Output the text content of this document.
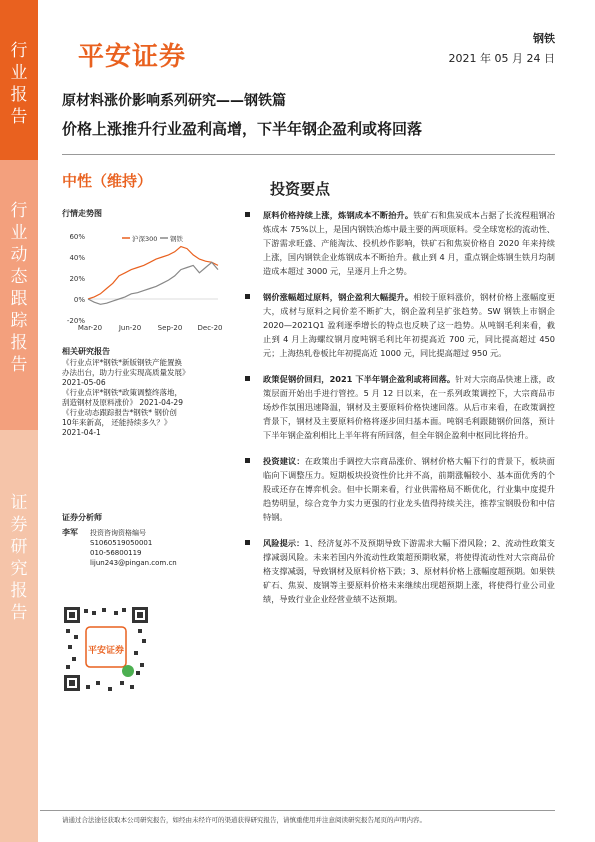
行
业
报
告
行
业
动
态
跟
踪
报
告
证
券
研
究
报
告
平安证券
钢铁
2021 年 05 月 24 日
原材料涨价影响系列研究——钢铁篇
价格上涨推升行业盈利高增，下半年钢企盈利或将回落
中性（维持）	投资要点
行情走势图
60%
40%
20%
0%
-20%
Mar-20 Jun-20 Sep-20 Dec-20
沪深300 钢铁
相关研究报告
《行业点评*钢铁*新版钢铁产能置换
办法出台，助力行业实现高质量发展》
2021-05-06
《行业点评*钢铁*政策调整终落地，
刮造钢材及原料涨价》 2021-04-29
《行业动态跟踪报告*钢铁* 钢价创
10年来新高， 还能持续多久？》
2021-04-1
证券分析师
李军 投资咨询资格编号
S1060519050001
010-56800119
lijun243@pingan.com.cn
平安证券
原料价格持续上涨，炼钢成本不断抬升。铁矿石和焦炭成本占据了长流程粗钢冶炼成本 75%以上，是国内钢铁冶炼中最主要的两项原料。受全球宽松的流动性、下游需求旺盛、产能淘汰、投机炒作影响，铁矿石和焦炭价格自 2020 年来持续上涨，国内钢铁企业炼钢成本不断抬升。截止到 4 月，重点钢企炼钢生铁月均制造成本超过 3000 元，呈逐月上升之势。
钢价涨幅超过原料，钢企盈利大幅提升。相较于原料涨价，钢材价格上涨幅度更大，成材与原料之间价差不断扩大，钢企盈利呈扩张趋势。SW 钢铁上市钢企 2020—2021Q1 盈利逐季增长的特点也反映了这一趋势。从吨钢毛利来看，截止到 4 月上海螺纹钢月度吨钢毛利比年初提高近 700 元，同比提高超过 450 元；上海热轧卷板比年初提高近 1000 元，同比提高超过 950 元。
政策促钢价回归，2021 下半年钢企盈利或将回落。针对大宗商品快速上涨，政策层面开始出手进行管控。5 月 12 日以来，在一系列政策调控下，大宗商品市场炒作氛围迅速降温，钢材及主要原料价格快速回落。从后市来看，在政策调控背景下，钢材及主要原料价格将逐步回归基本面。吨钢毛利跟随钢价回落，预计下半年钢企盈利相比上半年将有所回落，但全年钢企盈利中枢同比将抬升。
投资建议：在政策出手调控大宗商品涨价、钢材价格大幅下行的背景下，板块面临向下调整压力。短期板块投资性价比并不高，前期涨幅较小、基本面优秀的个股或还存在博弈机会。但中长期来看，行业供需格局不断优化，行业集中度提升趋势明显，综合竞争力实力更强的行业龙头值得持续关注，推荐宝钢股份和中信特钢。
风险提示：1、经济复苏不及预期导致下游需求大幅下滑风险；2、流动性政策支撑减弱风险。未来若国内外流动性政策超预期收紧，将使得流动性对大宗商品价格支撑减弱，导致钢材及原料价格下跌；3、原材料价格上涨幅度超预期。如果铁矿石、焦炭、废钢等主要原料价格未来继续出现超预期上涨，将使得行业公司业绩，导致行业企业经营业绩不达预期。
请通过合法途径获取本公司研究报告，如经由未经许可的渠道获得研究报告，请慎重使用并注意阅读研究报告尾页的声明内容。
